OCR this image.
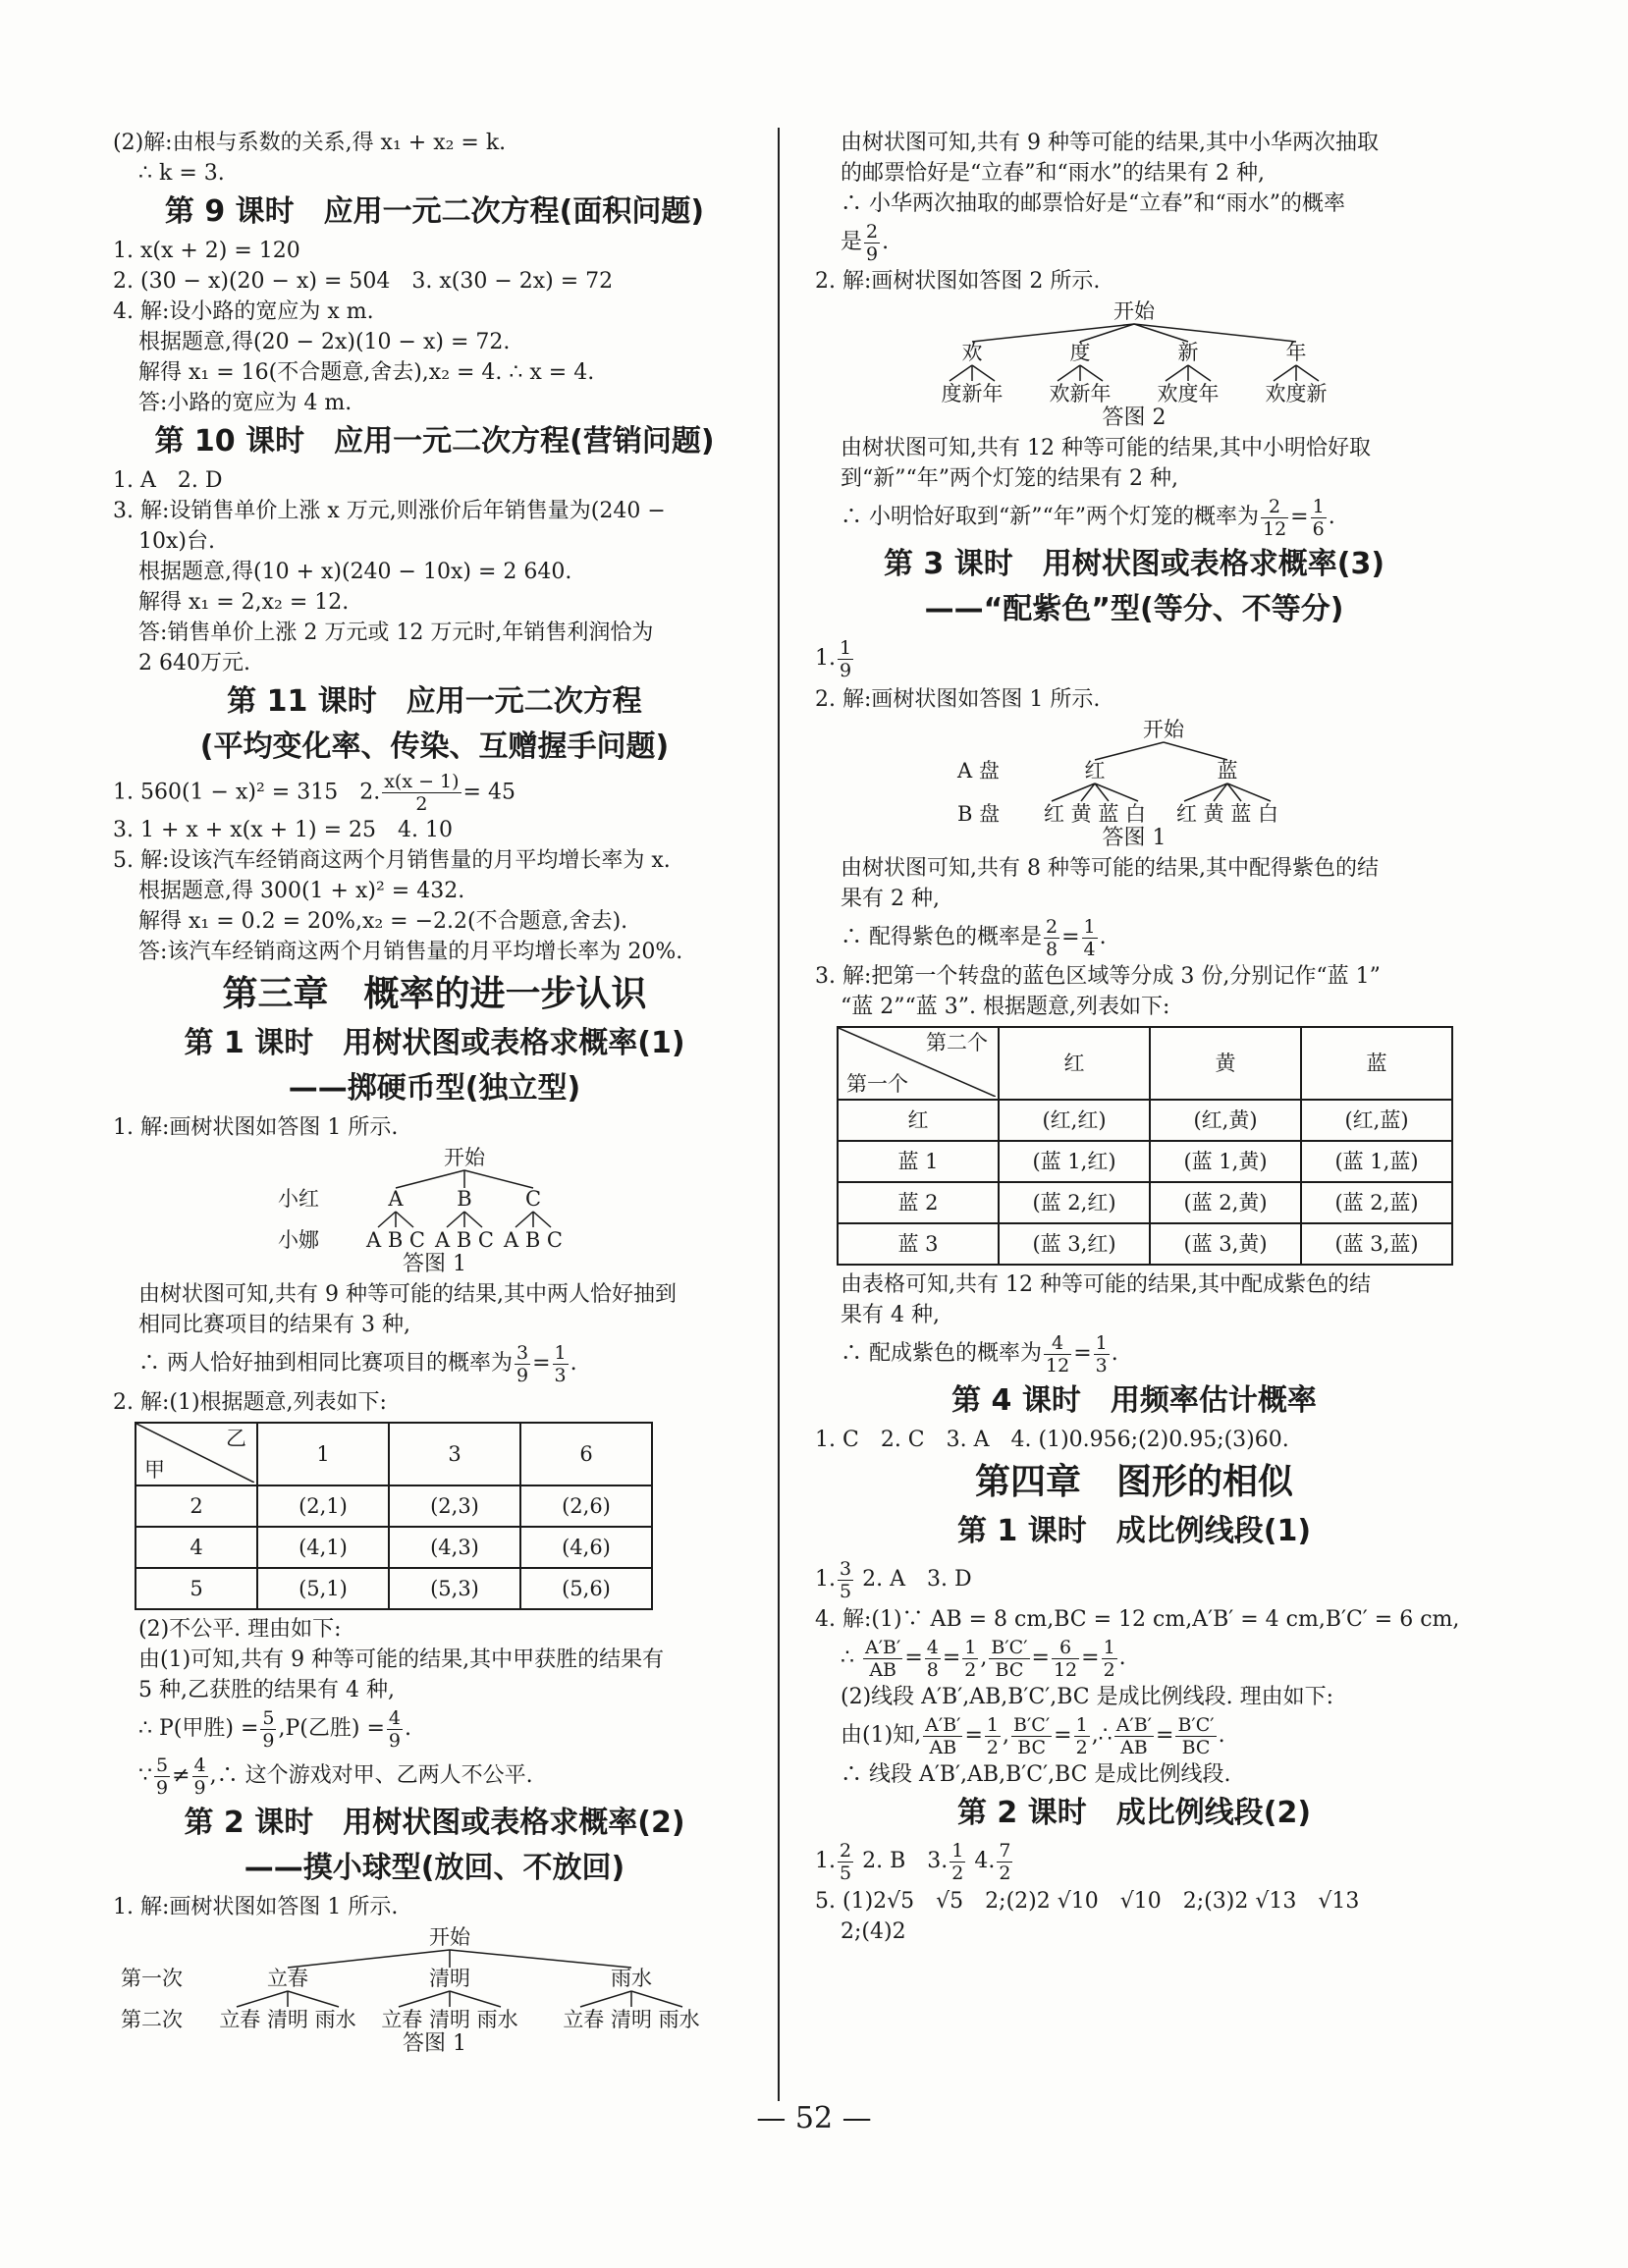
(2)解:由根与系数的关系,得 x₁ + x₂ = k.

∴ k = 3.

第 9 课时　应用一元二次方程(面积问题)

1. x(x + 2) = 120

2. (30 − x)(20 − x) = 504　3. x(30 − 2x) = 72

4. 解:设小路的宽应为 x m.

根据题意,得(20 − 2x)(10 − x) = 72.

解得 x₁ = 16(不合题意,舍去),x₂ = 4. ∴ x = 4.

答:小路的宽应为 4 m.

第 10 课时　应用一元二次方程(营销问题)

1. A　2. D

3. 解:设销售单价上涨 x 万元,则涨价后年销售量为(240 −

10x)台.

根据题意,得(10 + x)(240 − 10x) = 2 640.

解得 x₁ = 2,x₂ = 12.

答:销售单价上涨 2 万元或 12 万元时,年销售利润恰为

2 640万元.

第 11 课时　应用一元二次方程
(平均变化率、传染、互赠握手问题)

1. 560(1 − x)² = 315　2. $\frac{x(x - 1)}{2} = 45$

3. 1 + x + x(x + 1) = 25　4. 10

5. 解:设该汽车经销商这两个月销售量的月平均增长率为 x.

根据题意,得 300(1 + x)² = 432.

解得 x₁ = 0.2 = 20%,x₂ = −2.2(不合题意,舍去).

答:该汽车经销商这两个月销售量的月平均增长率为 20%.

第三章　概率的进一步认识
第 1 课时　用树状图或表格求概率(1)
——掷硬币型(独立型)

1. 解:画树状图如答图 1 所示.

开始
小红	A	B	C
小娜 A B C A B C A B C
答图 1

由树状图可知,共有 9 种等可能的结果,其中两人恰好抽到

相同比赛项目的结果有 3 种,

∴ 两人恰好抽到相同比赛项目的概率为 $\frac{3}{9} = \frac{1}{3}$ .

2. 解:(1)根据题意,列表如下:

乙
甲	1	3	6
2	(2,1)	(2,3)	(2,6)
4	(4,1)	(4,3)	(4,6)
5	(5,1)	(5,3)	(5,6)

(2)不公平. 理由如下:

由(1)可知,共有 9 种等可能的结果,其中甲获胜的结果有

5 种,乙获胜的结果有 4 种,

∴ P(甲胜) = $\frac{5}{9} ,P$(乙胜) = $\frac{4}{9}$ .

∵ $\frac{5}{9} \ne \frac{4}{9}$ ,∴ 这个游戏对甲、乙两人不公平.

第 2 课时　用树状图或表格求概率(2)
——摸小球型(放回、不放回)

1. 解:画树状图如答图 1 所示.

开始
第一次	立春	清明	雨水
第二次 立春 清明 雨水 立春 清明 雨水 立春 清明 雨水
答图 1

由树状图可知,共有 9 种等可能的结果,其中小华两次抽取

的邮票恰好是“立春”和“雨水”的结果有 2 种,

∴ 小华两次抽取的邮票恰好是“立春”和“雨水”的概率

是 $\frac{2}{9}$ .

2. 解:画树状图如答图 2 所示.

开始
欢	度	新	年
度新年 欢新年 欢度年 欢度新
答图 2

由树状图可知,共有 12 种等可能的结果,其中小明恰好取

到“新”“年”两个灯笼的结果有 2 种,

∴ 小明恰好取到“新”“年”两个灯笼的概率为 $\frac{2}{12} = \frac{1}{6}$ .

第 3 课时　用树状图或表格求概率(3)
——“配紫色”型(等分、不等分)

1. $\frac{1}{9}$

2. 解:画树状图如答图 1 所示.

开始
A 盘	红	蓝
B 盘 红 黄 蓝 白 红 黄 蓝 白
答图 1

由树状图可知,共有 8 种等可能的结果,其中配得紫色的结

果有 2 种,

∴ 配得紫色的概率是 $\frac{2}{8} = \frac{1}{4}$ .

3. 解:把第一个转盘的蓝色区域等分成 3 份,分别记作“蓝 1”

“蓝 2”“蓝 3”. 根据题意,列表如下:

第二个
第一个	红	黄	蓝
红	(红,红)	(红,黄)	(红,蓝)
蓝 1	(蓝 1,红)	(蓝 1,黄)	(蓝 1,蓝)
蓝 2	(蓝 2,红)	(蓝 2,黄)	(蓝 2,蓝)
蓝 3	(蓝 3,红)	(蓝 3,黄)	(蓝 3,蓝)

由表格可知,共有 12 种等可能的结果,其中配成紫色的结

果有 4 种,

∴ 配成紫色的概率为 $\frac{4}{12} = \frac{1}{3}$ .

第 4 课时　用频率估计概率

1. C　2. C　3. A　4. (1)0.956;(2)0.95;(3)60.

第四章　图形的相似
第 1 课时　成比例线段(1)

1. $\frac{3}{5} 2$. A　3. D

4. 解:(1)∵ AB = 8 cm,BC = 12 cm,A′B′ = 4 cm,B′C′ = 6 cm,

∴ $\frac{A'B'}{AB} = \frac{4}{8} = \frac{1}{2}$ , $\frac{B'C'}{BC} = \frac{6}{12} = \frac{1}{2}$ .

(2)线段 A′B′,AB,B′C′,BC 是成比例线段. 理由如下:

由(1)知, $\frac{A'B'}{AB} = \frac{1}{2}$ , $\frac{B'C'}{BC} = \frac{1}{2}$ ,∴ $\frac{A'B'}{AB} = \frac{B'C'}{BC}$ .

∴ 线段 A′B′,AB,B′C′,BC 是成比例线段.

第 2 课时　成比例线段(2)

1. $\frac{2}{5} 2$. B　3. $\frac{1}{2} 4$. $\frac{7}{2}$

5. (1)2√5　√5　2;(2)2 √10　√10　2;(3)2 √13　√13

2;(4)2

— 52 —
